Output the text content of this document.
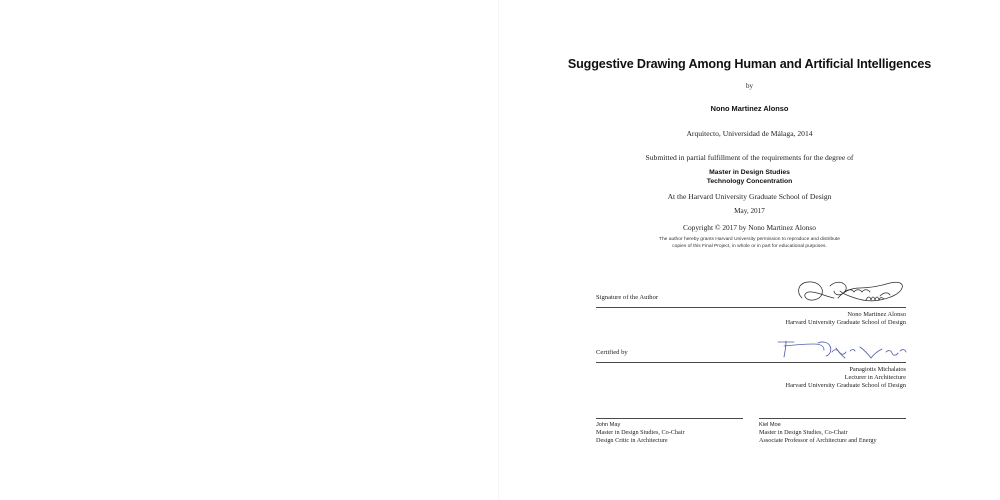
Suggestive Drawing Among Human and Artificial Intelligences
by
Nono Martinez Alonso
Arquitecto, Universidad de Málaga, 2014
Submitted in partial fulfillment of the requirements for the degree of
Master in Design Studies
Technology Concentration
At the Harvard University Graduate School of Design
May, 2017
Copyright © 2017 by Nono Martinez Alonso
The author hereby grants Harvard University permission to reproduce and distribute
copies of this Final Project, in whole or in part for educational purposes.
Signature of the Author
Nono Martinez Alonso
Harvard University Graduate School of Design
Certified by
Panagiotis Michalatos
Lecturer in Architecture
Harvard University Graduate School of Design
John May
Master in Design Studies, Co-Chair
Design Critic in Architecture
Kiel Moe
Master in Design Studies, Co-Chair
Associate Professor of Architecture and Energy
